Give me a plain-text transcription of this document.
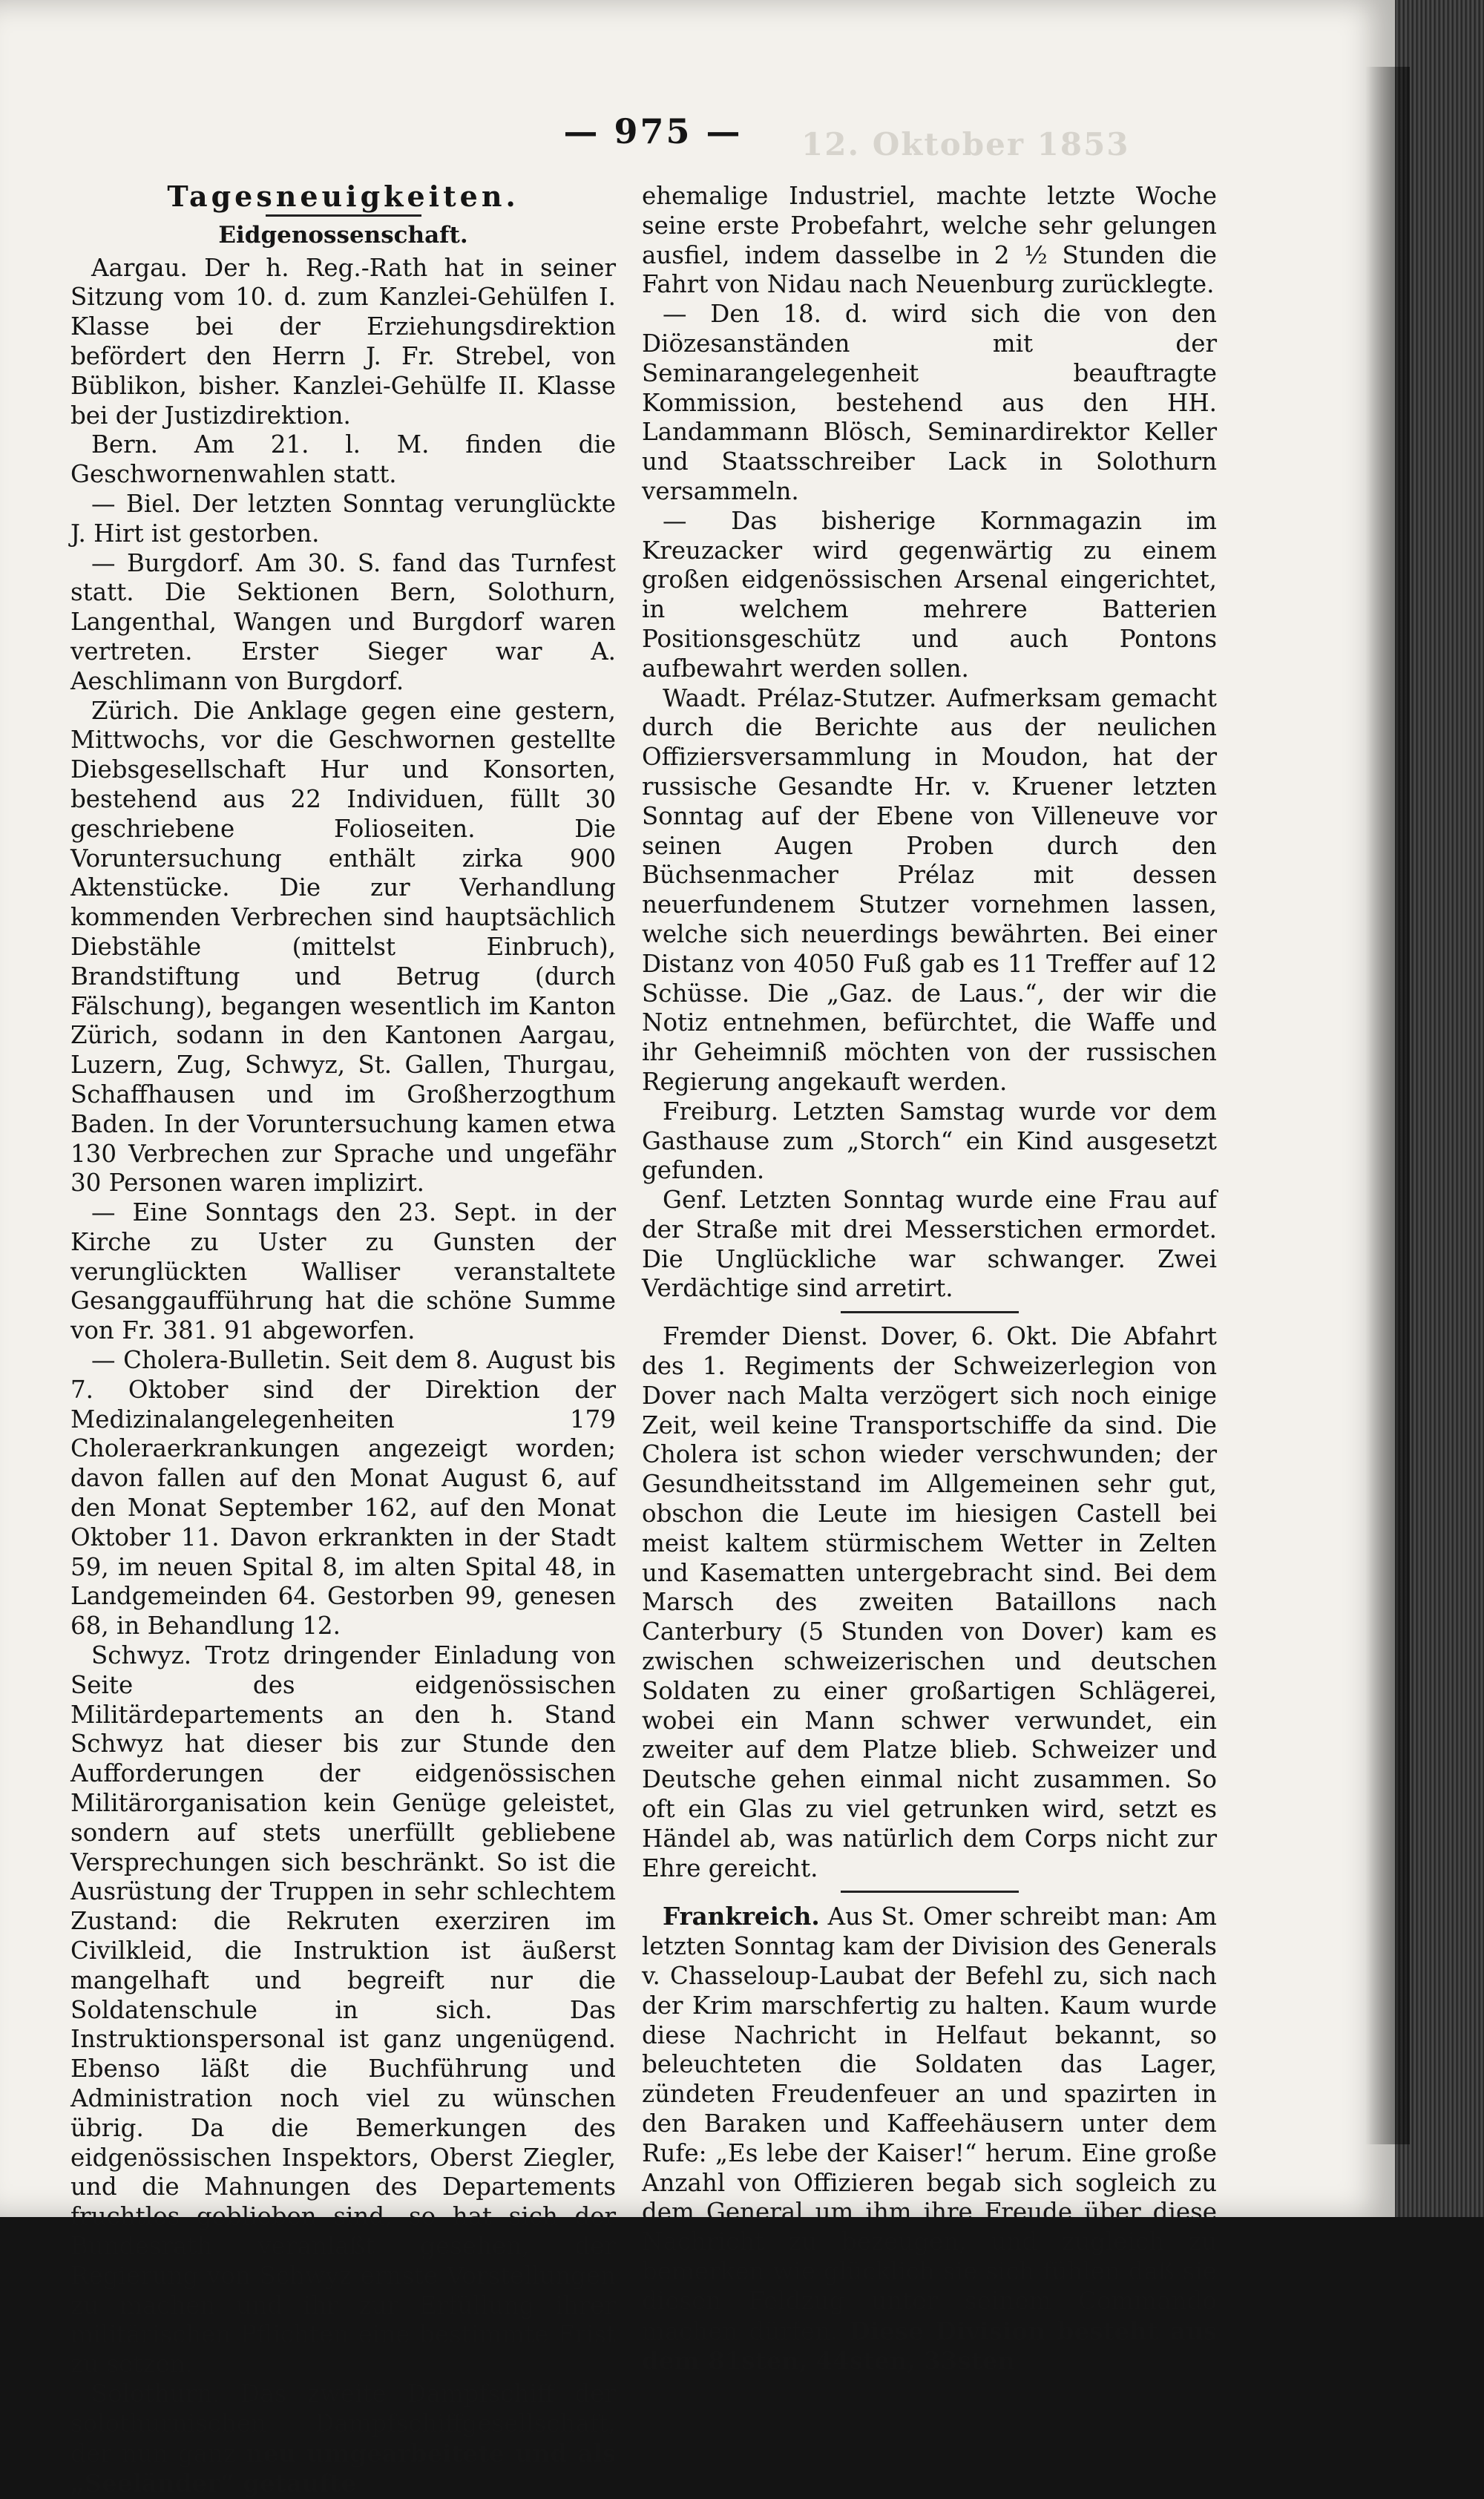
12. Oktober 1853
— 975 —
Tagesneuigkeiten.
Eidgenossenschaft.

Aargau. Der h. Reg.-Rath hat in seiner Sitzung vom 10. d. zum Kanzlei-Gehülfen I. Klasse bei der Erziehungsdirektion befördert den Herrn J. Fr. Strebel, von Büblikon, bisher. Kanzlei-Gehülfe II. Klasse bei der Justizdirektion.

Bern. Am 21. l. M. finden die Geschwornenwahlen statt.

— Biel. Der letzten Sonntag verunglückte J. Hirt ist gestorben.

— Burgdorf. Am 30. S. fand das Turnfest statt. Die Sektionen Bern, Solothurn, Langenthal, Wangen und Burgdorf waren vertreten. Erster Sieger war A. Aeschlimann von Burgdorf.

Zürich. Die Anklage gegen eine gestern, Mittwochs, vor die Geschwornen gestellte Diebsgesellschaft Hur und Konsorten, bestehend aus 22 Individuen, füllt 30 geschriebene Folioseiten. Die Voruntersuchung enthält zirka 900 Aktenstücke. Die zur Verhandlung kommenden Verbrechen sind hauptsächlich Diebstähle (mittelst Einbruch), Brandstiftung und Betrug (durch Fälschung), begangen wesentlich im Kanton Zürich, sodann in den Kantonen Aargau, Luzern, Zug, Schwyz, St. Gallen, Thurgau, Schaffhausen und im Großherzogthum Baden. In der Voruntersuchung kamen etwa 130 Verbrechen zur Sprache und ungefähr 30 Personen waren implizirt.

— Eine Sonntags den 23. Sept. in der Kirche zu Uster zu Gunsten der verunglückten Walliser veranstaltete Gesanggaufführung hat die schöne Summe von Fr. 381. 91 abgeworfen.

— Cholera-Bulletin. Seit dem 8. August bis 7. Oktober sind der Direktion der Medizinalangelegenheiten 179 Cholerаerkrankungen angezeigt worden; davon fallen auf den Monat August 6, auf den Monat September 162, auf den Monat Oktober 11. Davon erkrankten in der Stadt 59, im neuen Spital 8, im alten Spital 48, in Landgemeinden 64. Gestorben 99, genesen 68, in Behandlung 12.

Schwyz. Trotz dringender Einladung von Seite des eidgenössischen Militärdepartements an den h. Stand Schwyz hat dieser bis zur Stunde den Aufforderungen der eidgenössischen Militärorganisation kein Genüge geleistet, sondern auf stets unerfüllt gebliebene Versprechungen sich beschränkt. So ist die Ausrüstung der Truppen in sehr schlechtem Zustand: die Rekruten exerziren im Civilkleid, die Instruktion ist äußerst mangelhaft und begreift nur die Soldatenschule in sich. Das Instruktionspersonal ist ganz ungenügend. Ebenso läßt die Buchführung und Administration noch viel zu wünschen übrig. Da die Bemerkungen des eidgenössischen Inspektors, Oberst Ziegler, und die Mahnungen des Departements fruchtlos geblieben sind, so hat sich der Bundesrath veranlaßt gesehen, der Regierung von Schwyz ernste Vorstellungen zu machen und ihr zur Erfüllung ihrer militärischen Pflichten eine bestimmte Frist zu setzen.

Solothurn. Das zweite Dampfschiff der solothurnischen Dampfschiffgesellschaft, der nun ganz neu umgearbeitete und als „Seeländer“ getaufte

ehemalige Industriel, machte letzte Woche seine erste Probefahrt, welche sehr gelungen ausfiel, indem dasselbe in 2 ½ Stunden die Fahrt von Nidau nach Neuenburg zurücklegte.

— Den 18. d. wird sich die von den Diözesanständen mit der Seminarangelegenheit beauftragte Kommission, bestehend aus den HH. Landammann Blösch, Seminardirektor Keller und Staatsschreiber Lack in Solothurn versammeln.

— Das bisherige Kornmagazin im Kreuzacker wird gegenwärtig zu einem großen eidgenössischen Arsenal eingerichtet, in welchem mehrere Batterien Positionsgeschütz und auch Pontons aufbewahrt werden sollen.

Waadt. Prélaz-Stutzer. Aufmerksam gemacht durch die Berichte aus der neulichen Offiziersversammlung in Moudon, hat der russische Gesandte Hr. v. Kruener letzten Sonntag auf der Ebene von Villeneuve vor seinen Augen Proben durch den Büchsenmacher Prélaz mit dessen neuerfundenem Stutzer vornehmen lassen, welche sich neuerdings bewährten. Bei einer Distanz von 4050 Fuß gab es 11 Treffer auf 12 Schüsse. Die „Gaz. de Laus.“, der wir die Notiz entnehmen, befürchtet, die Waffe und ihr Geheimniß möchten von der russischen Regierung angekauft werden.

Freiburg. Letzten Samstag wurde vor dem Gasthause zum „Storch“ ein Kind ausgesetzt gefunden.

Genf. Letzten Sonntag wurde eine Frau auf der Straße mit drei Messerstichen ermordet. Die Unglückliche war schwanger. Zwei Verdächtige sind arretirt.

Fremder Dienst. Dover, 6. Okt. Die Abfahrt des 1. Regiments der Schweizerlegion von Dover nach Malta verzögert sich noch einige Zeit, weil keine Transportschiffe da sind. Die Cholera ist schon wieder verschwunden; der Gesundheitsstand im Allgemeinen sehr gut, obschon die Leute im hiesigen Castell bei meist kaltem stürmischem Wetter in Zelten und Kasematten untergebracht sind. Bei dem Marsch des zweiten Bataillons nach Canterbury (5 Stunden von Dover) kam es zwischen schweizerischen und deutschen Soldaten zu einer großartigen Schlägerei, wobei ein Mann schwer verwundet, ein zweiter auf dem Platze blieb. Schweizer und Deutsche gehen einmal nicht zusammen. So oft ein Glas zu viel getrunken wird, setzt es Händel ab, was natürlich dem Corps nicht zur Ehre gereicht.

Frankreich. Aus St. Omer schreibt man: Am letzten Sonntag kam der Division des Generals v. Chasseloup-Laubat der Befehl zu, sich nach der Krim marschfertig zu halten. Kaum wurde diese Nachricht in Helfaut bekannt, so beleuchteten die Soldaten das Lager, zündeten Freudenfeuer an und spazirten in den Baraken und Kaffeehäusern unter dem Rufe: „Es lebe der Kaiser!“ herum. Eine große Anzahl von Offizieren begab sich sogleich zu dem General um ihm ihre Freude über diese Nachricht zu bezeugen, und zugleich zu bemerken wie glücklich sie sich fühlen daß sie diesen Feldzug unter seinem Commando machen dürfen. Diese Division besteht aus dem 81sten, 44sten, 33sten
